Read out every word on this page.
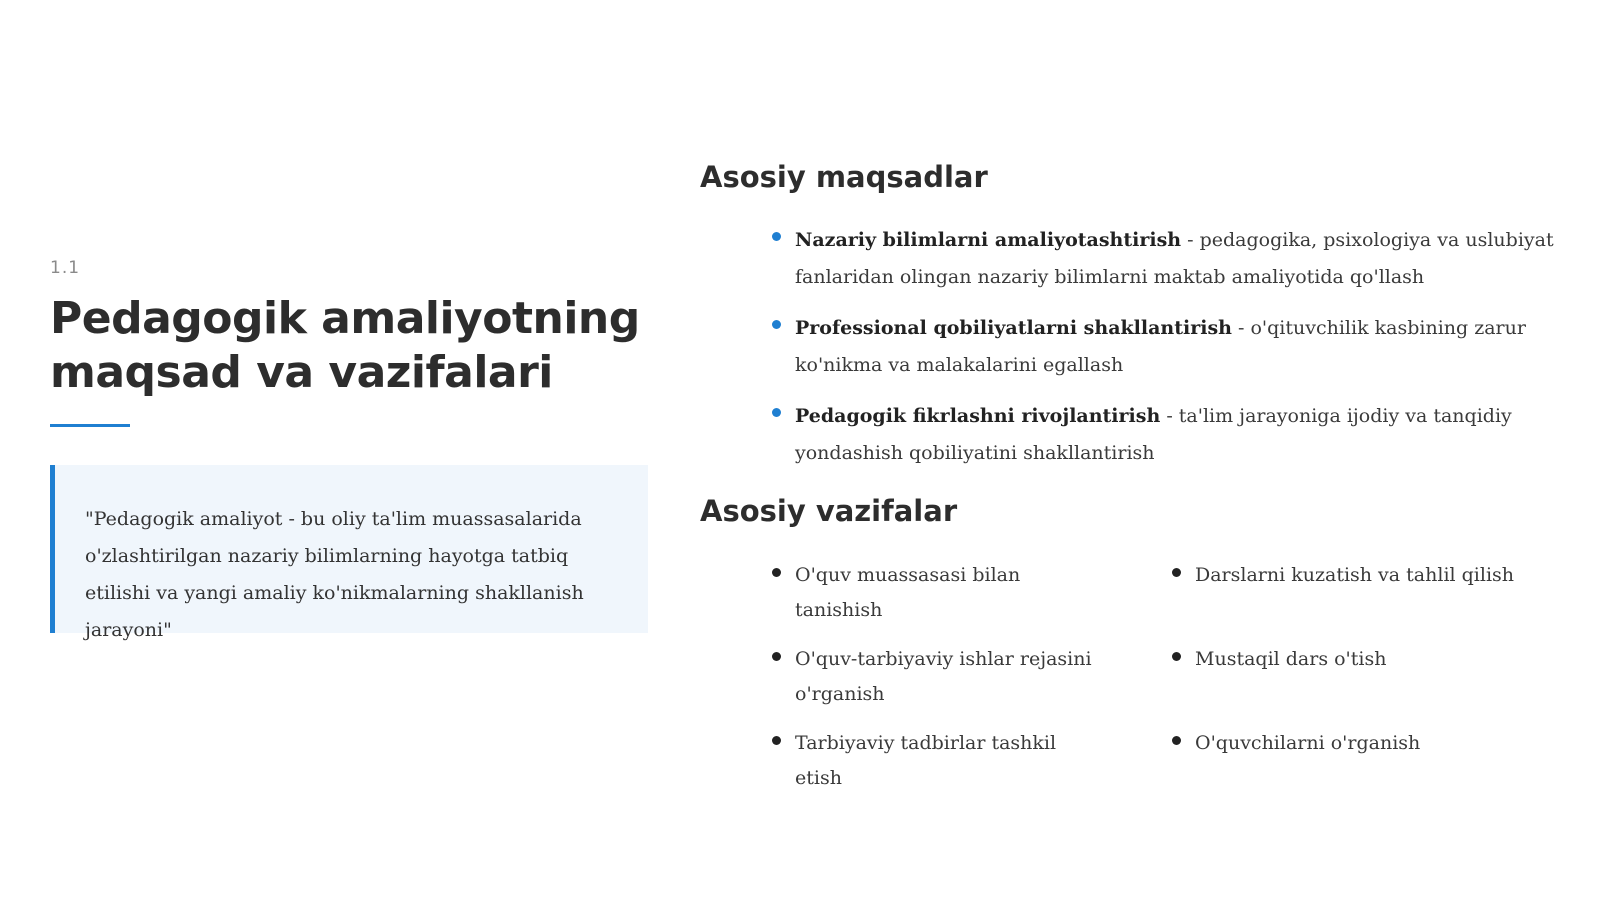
1.1
Pedagogik amaliyotning
maqsad va vazifalari
"Pedagogik amaliyot - bu oliy ta'lim muassasalarida o'zlashtirilgan nazariy bilimlarning hayotga tatbiq etilishi va yangi amaliy ko'nikmalarning shakllanish jarayoni"
Asosiy maqsadlar
Nazariy bilimlarni amaliyotashtirish - pedagogika, psixologiya va uslubiyat fanlaridan olingan nazariy bilimlarni maktab amaliyotida qo'llash
Professional qobiliyatlarni shakllantirish - o'qituvchilik kasbining zarur ko'nikma va malakalarini egallash
Pedagogik fikrlashni rivojlantirish - ta'lim jarayoniga ijodiy va tanqidiy yondashish qobiliyatini shakllantirish
Asosiy vazifalar
O'quv muassasasi bilan tanishish
Darslarni kuzatish va tahlil qilish
O'quv-tarbiyaviy ishlar rejasini o'rganish
Mustaqil dars o'tish
Tarbiyaviy tadbirlar tashkil etish
O'quvchilarni o'rganish
